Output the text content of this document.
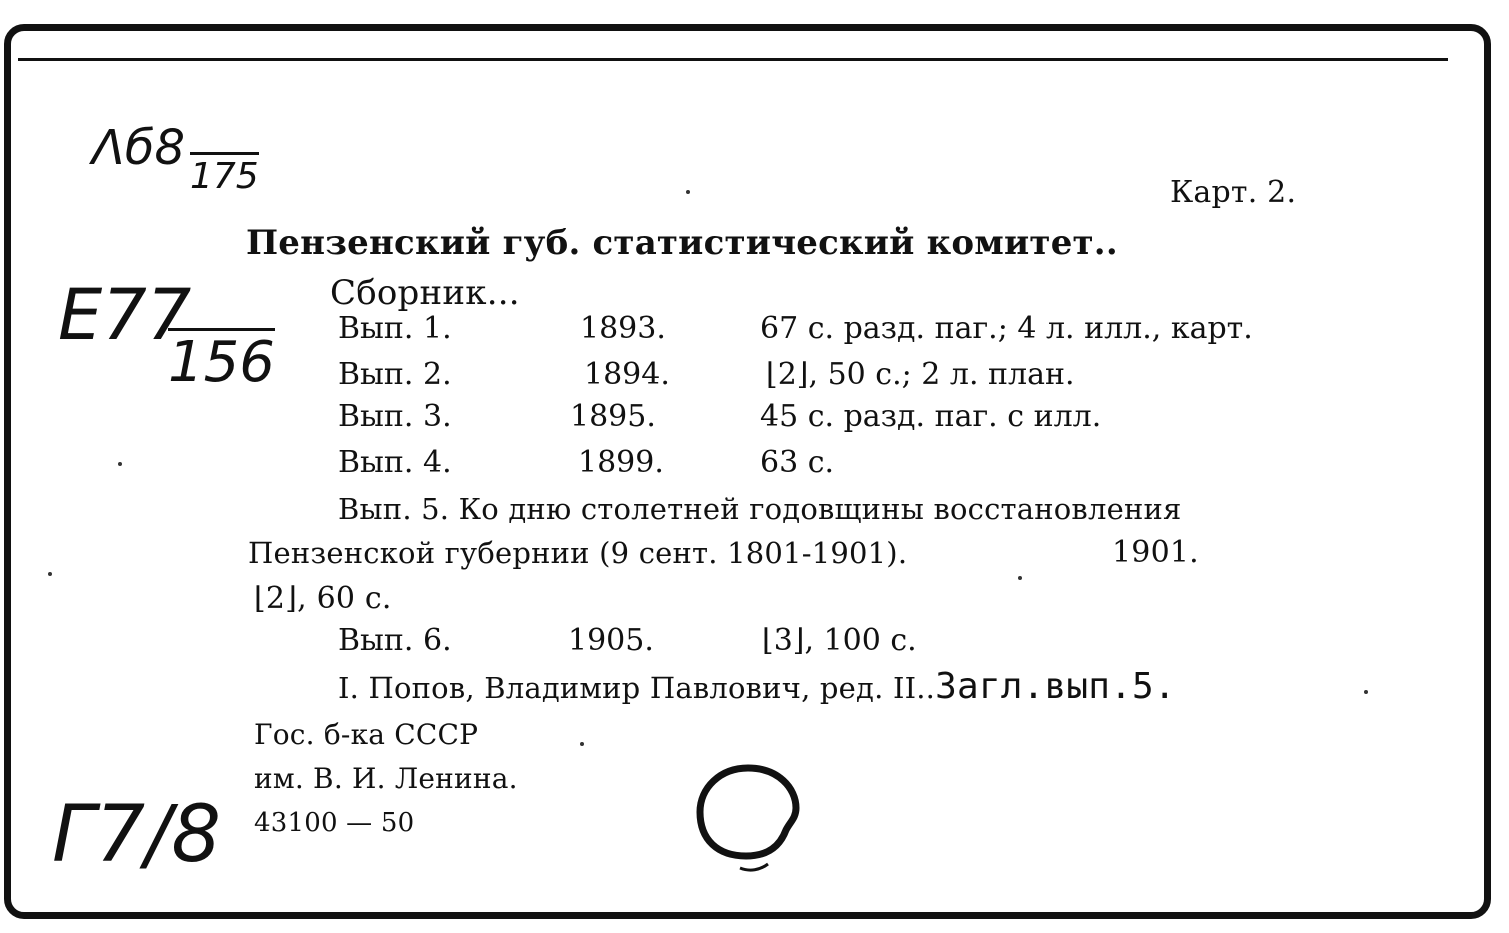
Λб8
175
E77
156
Г7/8
Карт. 2.
Пензенский губ. статистический комитет..
Сборник...
Вып. 1.	1893.	67 с. разд. паг.; 4 л. илл., карт.
Вып. 2.	1894.	⌊2⌋, 50 с.; 2 л. план.
Вып. 3.	1895.	45 с. разд. паг. с илл.
Вып. 4.	1899.	63 с.
Вып. 5. Ко дню столетней годовщины восстановления
Пензенской губернии (9 сент. 1801-1901).	1901.
⌊2⌋, 60 с.
Вып. 6.	1905.	⌊3⌋, 100 с.
I. Попов, Владимир Павлович, ред. II..Загл.вып.5.
Гос. б-ка СССР
им. В. И. Ленина.
43100 — 50
